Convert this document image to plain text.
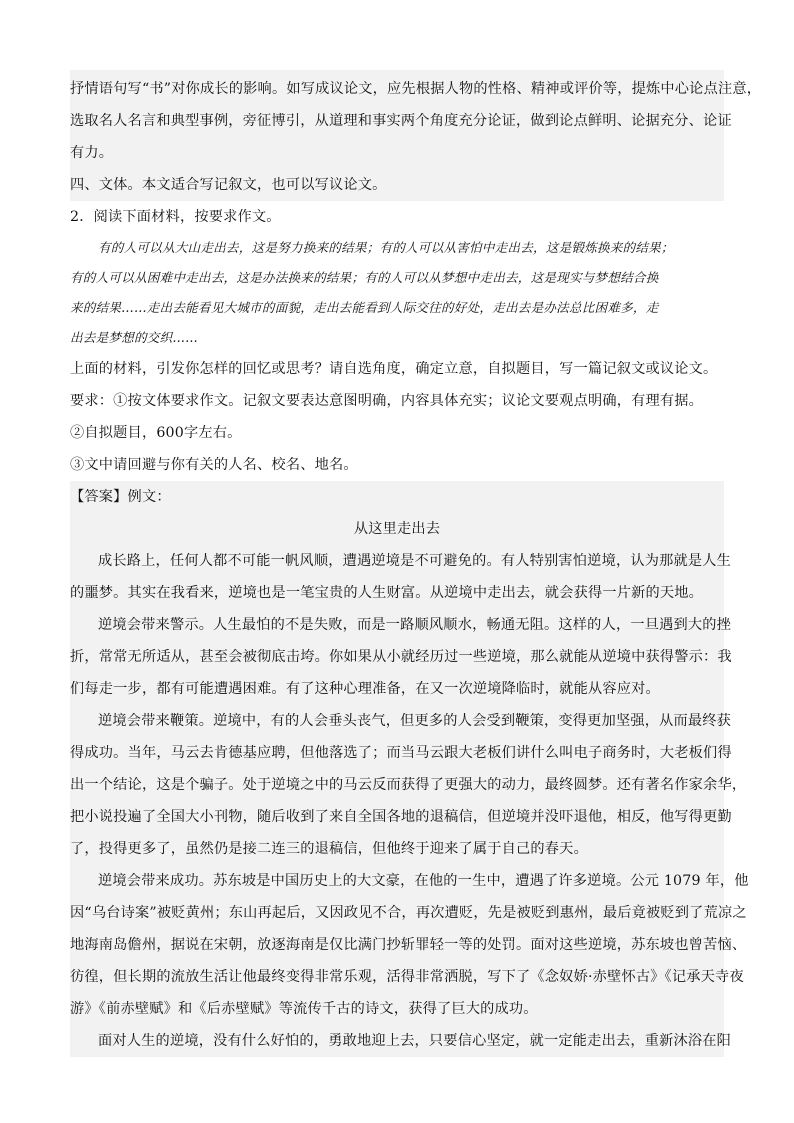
抒情语句写“书”对你成长的影响。如写成议论文，应先根据人物的性格、精神或评价等，提炼中心论点注意，

选取名人名言和典型事例，旁征博引，从道理和事实两个角度充分论证，做到论点鲜明、论据充分、论证

有力。

四、文体。本文适合写记叙文，也可以写议论文。

2．阅读下面材料，按要求作文。

有的人可以从大山走出去，这是努力换来的结果；有的人可以从害怕中走出去，这是锻炼换来的结果；

有的人可以从困难中走出去，这是办法换来的结果；有的人可以从梦想中走出去，这是现实与梦想结合换

来的结果……走出去能看见大城市的面貌，走出去能看到人际交往的好处，走出去是办法总比困难多，走

出去是梦想的交织……

上面的材料，引发你怎样的回忆或思考？请自选角度，确定立意，自拟题目，写一篇记叙文或议论文。

要求：①按文体要求作文。记叙文要表达意图明确，内容具体充实；议论文要观点明确，有理有据。

②自拟题目，600字左右。

③文中请回避与你有关的人名、校名、地名。

【答案】例文：

从这里走出去

成长路上，任何人都不可能一帆风顺，遭遇逆境是不可避免的。有人特别害怕逆境，认为那就是人生

的噩梦。其实在我看来，逆境也是一笔宝贵的人生财富。从逆境中走出去，就会获得一片新的天地。

逆境会带来警示。人生最怕的不是失败，而是一路顺风顺水，畅通无阻。这样的人，一旦遇到大的挫

折，常常无所适从，甚至会被彻底击垮。你如果从小就经历过一些逆境，那么就能从逆境中获得警示：我

们每走一步，都有可能遭遇困难。有了这种心理准备，在又一次逆境降临时，就能从容应对。

逆境会带来鞭策。逆境中，有的人会垂头丧气，但更多的人会受到鞭策，变得更加坚强，从而最终获

得成功。当年，马云去肯德基应聘，但他落选了；而当马云跟大老板们讲什么叫电子商务时，大老板们得

出一个结论，这是个骗子。处于逆境之中的马云反而获得了更强大的动力，最终圆梦。还有著名作家余华，

把小说投遍了全国大小刊物，随后收到了来自全国各地的退稿信，但逆境并没吓退他，相反，他写得更勤

了，投得更多了，虽然仍是接二连三的退稿信，但他终于迎来了属于自己的春天。

逆境会带来成功。苏东坡是中国历史上的大文豪，在他的一生中，遭遇了许多逆境。公元 1079 年，他

因“乌台诗案”被贬黄州；东山再起后，又因政见不合，再次遭贬，先是被贬到惠州，最后竟被贬到了荒凉之

地海南岛儋州，据说在宋朝，放逐海南是仅比满门抄斩罪轻一等的处罚。面对这些逆境，苏东坡也曾苦恼、

彷徨，但长期的流放生活让他最终变得非常乐观，活得非常洒脱，写下了《念奴娇·赤壁怀古》《记承天寺夜

游》《前赤壁赋》和《后赤壁赋》等流传千古的诗文，获得了巨大的成功。

面对人生的逆境，没有什么好怕的，勇敢地迎上去，只要信心坚定，就一定能走出去，重新沐浴在阳
